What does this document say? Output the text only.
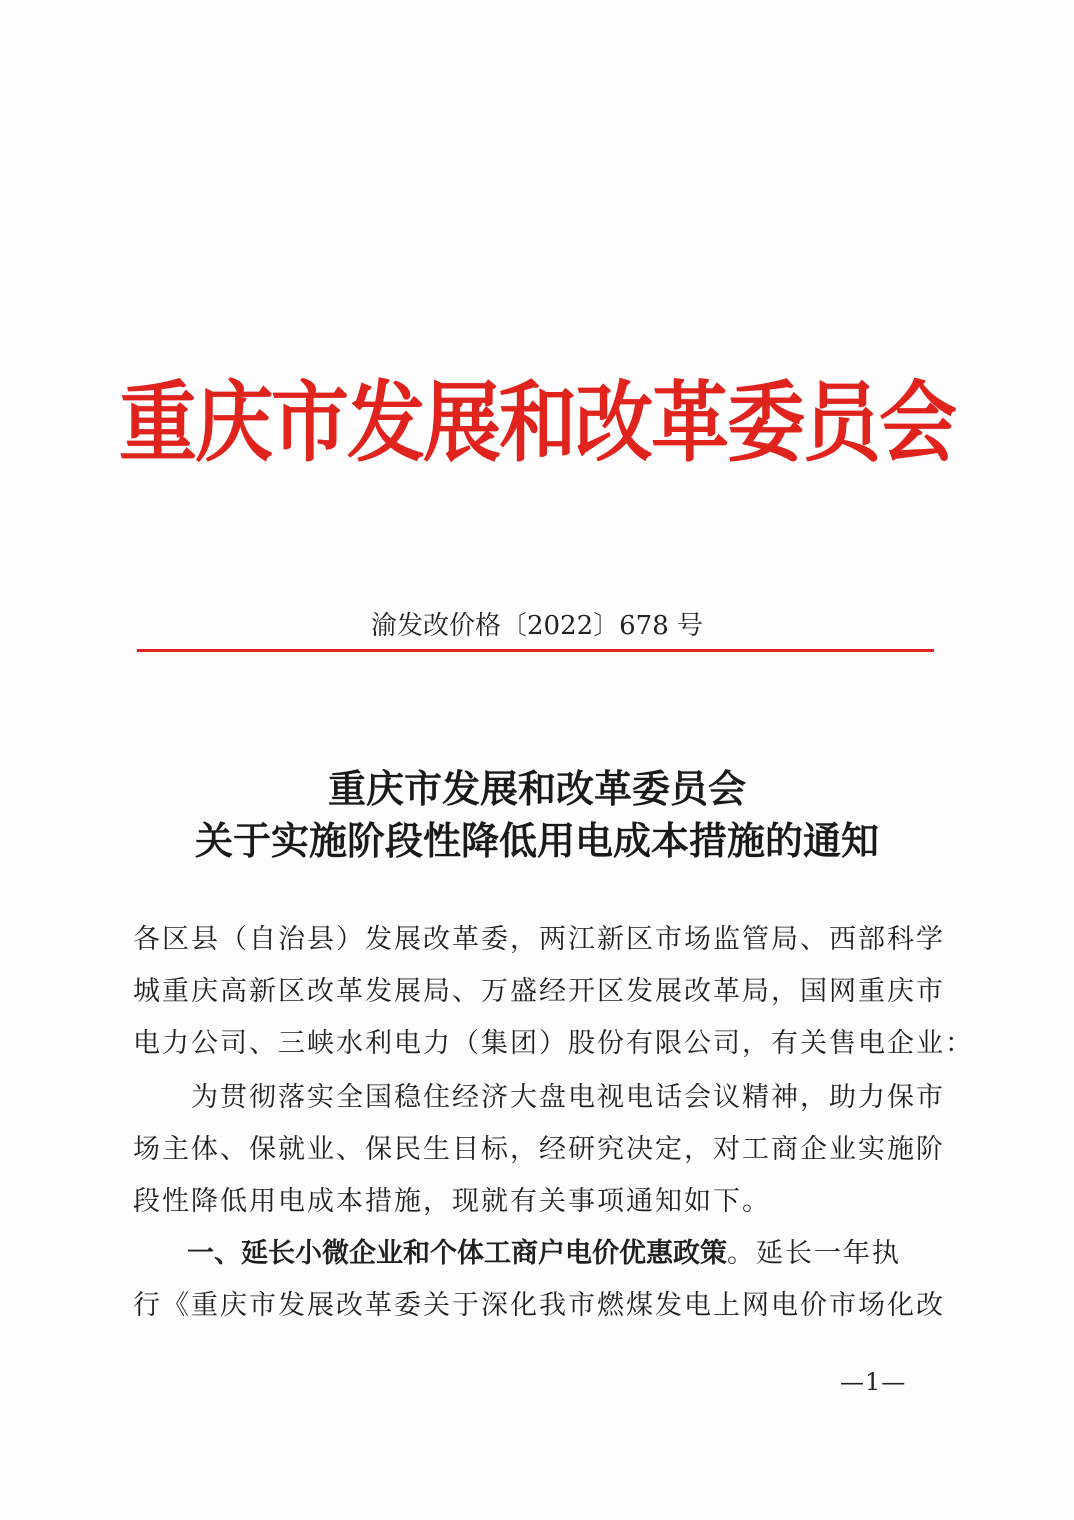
重庆市发展和改革委员会
渝发改价格〔2022〕678 号
重庆市发展和改革委员会
关于实施阶段性降低用电成本措施的通知
各区县（自治县）发展改革委，两江新区市场监管局、西部科学
城重庆高新区改革发展局、万盛经开区发展改革局，国网重庆市
电力公司、三峡水利电力（集团）股份有限公司，有关售电企业：
　　为贯彻落实全国稳住经济大盘电视电话会议精神，助力保市
场主体、保就业、保民生目标，经研究决定，对工商企业实施阶
段性降低用电成本措施，现就有关事项通知如下。
　　一、延长小微企业和个体工商户电价优惠政策。延长一年执
行《重庆市发展改革委关于深化我市燃煤发电上网电价市场化改
—1—
